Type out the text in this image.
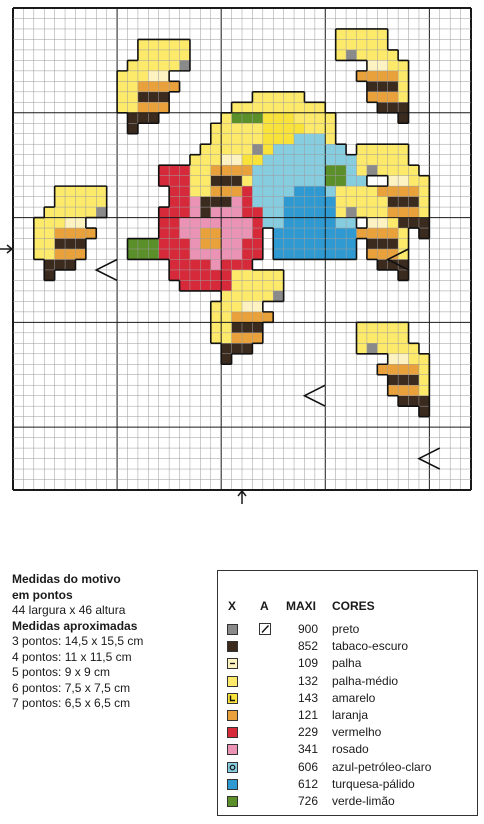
Medidas do motivo
em pontos
44 largura x 46 altura
Medidas aproximadas
3 pontos: 14,5 x 15,5 cm
4 pontos: 11 x 11,5 cm
5 pontos: 9 x 9 cm
6 pontos: 7,5 x 7,5 cm
7 pontos: 6,5 x 6,5 cm
X A MAXI CORES
900 preto
852 tabaco-escuro
109 palha
132 palha-médio
143 amarelo
121 laranja
229 vermelho
341 rosado
606 azul-petróleo-claro
612 turquesa-pálido
726 verde-limão
